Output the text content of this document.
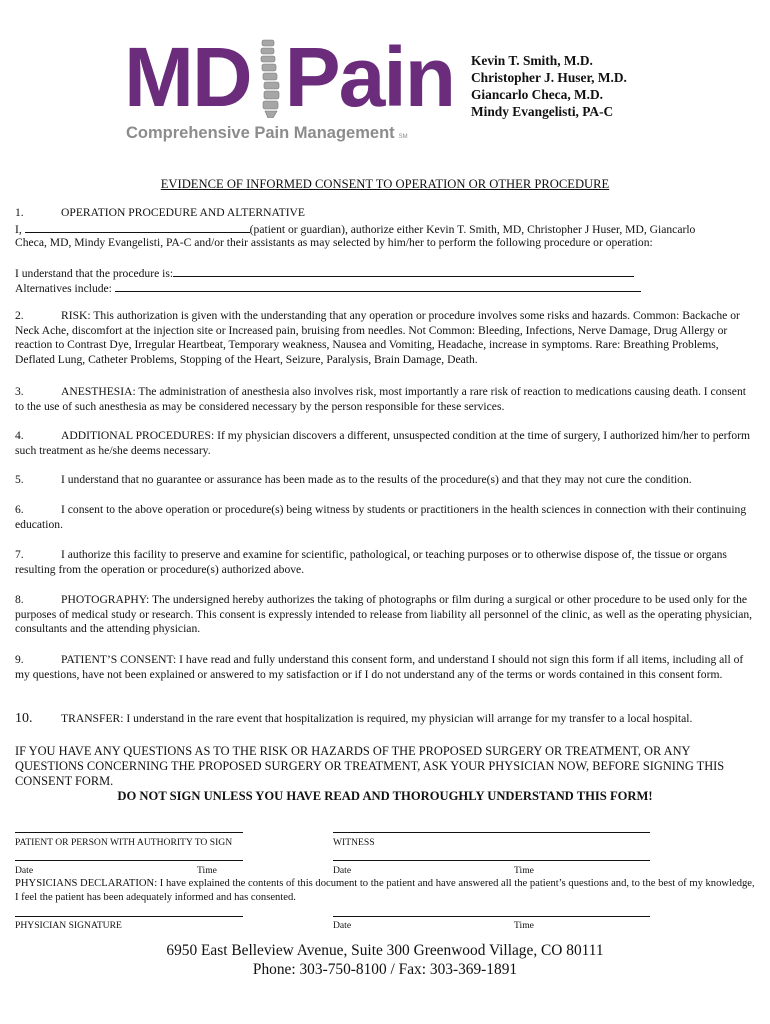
MD Pain
Comprehensive Pain Management SM
Kevin T. Smith, M.D.
Christopher J. Huser, M.D.
Giancarlo Checa, M.D.
Mindy Evangelisti, PA-C
EVIDENCE OF INFORMED CONSENT TO OPERATION OR OTHER PROCEDURE
1.	OPERATION PROCEDURE AND ALTERNATIVE
I,	(patient or guardian), authorize either Kevin T. Smith, MD, Christopher J Huser, MD, Giancarlo
Checa, MD, Mindy Evangelisti, PA-C and/or their assistants as may selected by him/her to perform the following procedure or operation:
I understand that the procedure is:
Alternatives include:
2.	RISK: This authorization is given with the understanding that any operation or procedure involves some risks and hazards. Common: Backache or Neck Ache, discomfort at the injection site or Increased pain, bruising from needles. Not Common: Bleeding, Infections, Nerve Damage, Drug Allergy or reaction to Contrast Dye, Irregular Heartbeat, Temporary weakness, Nausea and Vomiting, Headache, increase in symptoms. Rare: Breathing Problems, Deflated Lung, Catheter Problems, Stopping of the Heart, Seizure, Paralysis, Brain Damage, Death.
3.	ANESTHESIA: The administration of anesthesia also involves risk, most importantly a rare risk of reaction to medications causing death. I consent to the use of such anesthesia as may be considered necessary by the person responsible for these services.
4.	ADDITIONAL PROCEDURES: If my physician discovers a different, unsuspected condition at the time of surgery, I authorized him/her to perform such treatment as he/she deems necessary.
5.	I understand that no guarantee or assurance has been made as to the results of the procedure(s) and that they may not cure the condition.
6.	I consent to the above operation or procedure(s) being witness by students or practitioners in the health sciences in connection with their continuing education.
7.	I authorize this facility to preserve and examine for scientific, pathological, or teaching purposes or to otherwise dispose of, the tissue or organs resulting from the operation or procedure(s) authorized above.
8.	PHOTOGRAPHY: The undersigned hereby authorizes the taking of photographs or film during a surgical or other procedure to be used only for the purposes of medical study or research. This consent is expressly intended to release from liability all personnel of the clinic, as well as the operating physician, consultants and the attending physician.
9.	PATIENT’S CONSENT: I have read and fully understand this consent form, and understand I should not sign this form if all items, including all of my questions, have not been explained or answered to my satisfaction or if I do not understand any of the terms or words contained in this consent form.
10. TRANSFER: I understand in the rare event that hospitalization is required, my physician will arrange for my transfer to a local hospital.
IF YOU HAVE ANY QUESTIONS AS TO THE RISK OR HAZARDS OF THE PROPOSED SURGERY OR TREATMENT, OR ANY QUESTIONS CONCERNING THE PROPOSED SURGERY OR TREATMENT, ASK YOUR PHYSICIAN NOW, BEFORE SIGNING THIS CONSENT FORM.
DO NOT SIGN UNLESS YOU HAVE READ AND THOROUGHLY UNDERSTAND THIS FORM!
PATIENT OR PERSON WITH AUTHORITY TO SIGN	WITNESS
Date	Time	Date	Time
PHYSICIANS DECLARATION: I have explained the contents of this document to the patient and have answered all the patient’s questions and, to the best of my knowledge, I feel the patient has been adequately informed and has consented.
PHYSICIAN SIGNATURE	Date	Time
6950 East Belleview Avenue, Suite 300 Greenwood Village, CO 80111
Phone: 303-750-8100 / Fax: 303-369-1891
